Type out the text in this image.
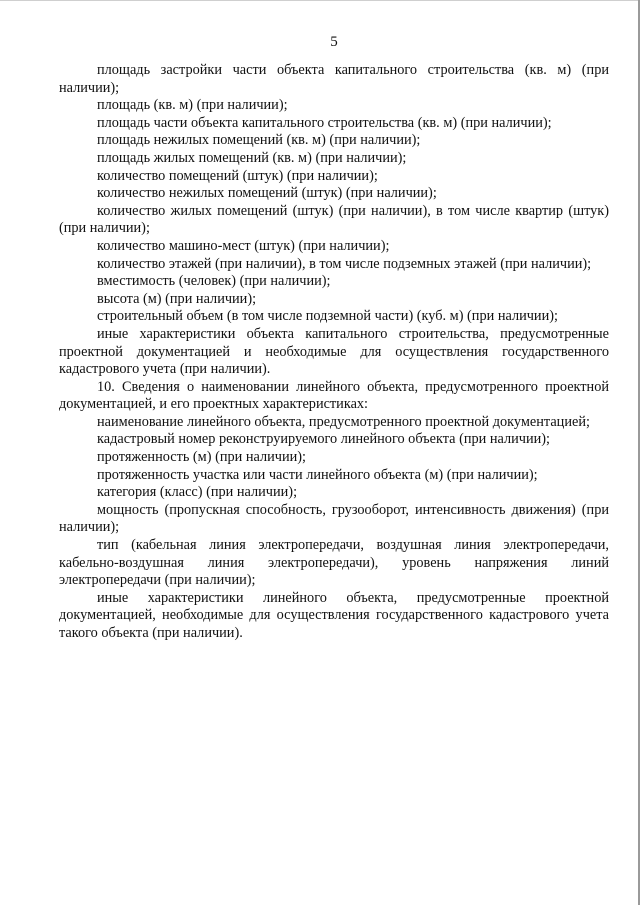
5

площадь застройки части объекта капитального строительства (кв. м) (при наличии);

площадь (кв. м) (при наличии);

площадь части объекта капитального строительства (кв. м) (при наличии);

площадь нежилых помещений (кв. м) (при наличии);

площадь жилых помещений (кв. м) (при наличии);

количество помещений (штук) (при наличии);

количество нежилых помещений (штук) (при наличии);

количество жилых помещений (штук) (при наличии), в том числе квартир (штук) (при наличии);

количество машино-мест (штук) (при наличии);

количество этажей (при наличии), в том числе подземных этажей (при наличии);

вместимость (человек) (при наличии);

высота (м) (при наличии);

строительный объем (в том числе подземной части) (куб. м) (при наличии);

иные характеристики объекта капитального строительства, предусмотренные проектной документацией и необходимые для осуществления государственного кадастрового учета (при наличии).

10. Сведения о наименовании линейного объекта, предусмотренного проектной документацией, и его проектных характеристиках:

наименование линейного объекта, предусмотренного проектной документацией;

кадастровый номер реконструируемого линейного объекта (при наличии);

протяженность (м) (при наличии);

протяженность участка или части линейного объекта (м) (при наличии);

категория (класс) (при наличии);

мощность (пропускная способность, грузооборот, интенсивность движения) (при наличии);

тип (кабельная линия электропередачи, воздушная линия электропередачи, кабельно-воздушная линия электропередачи), уровень напряжения линий электропередачи (при наличии);

иные характеристики линейного объекта, предусмотренные проектной документацией, необходимые для осуществления государственного кадастрового учета такого объекта (при наличии).
